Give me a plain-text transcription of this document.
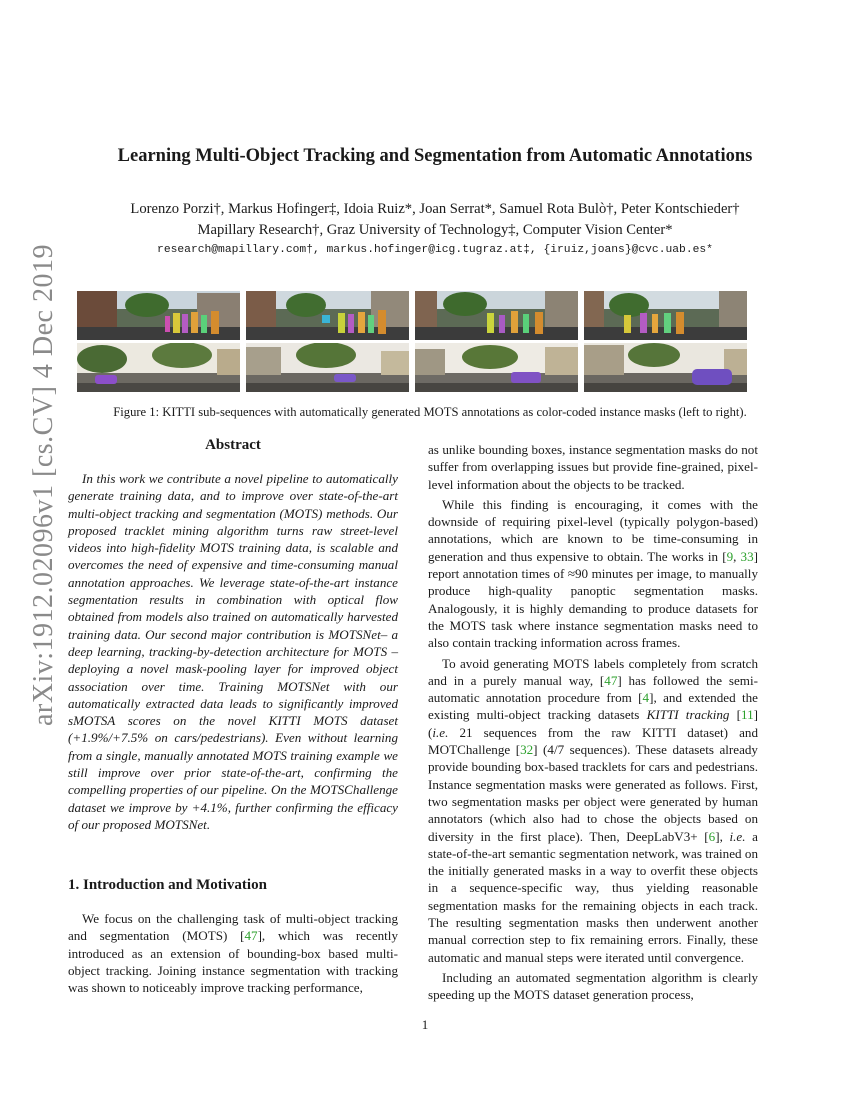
arXiv:1912.02096v1 [cs.CV] 4 Dec 2019
Learning Multi-Object Tracking and Segmentation from Automatic Annotations
Lorenzo Porzi†, Markus Hofinger‡, Idoia Ruiz*, Joan Serrat*, Samuel Rota Bulò†, Peter Kontschieder†
Mapillary Research†, Graz University of Technology‡, Computer Vision Center*
research@mapillary.com†, markus.hofinger@icg.tugraz.at‡, {iruiz,joans}@cvc.uab.es*
Figure 1: KITTI sub-sequences with automatically generated MOTS annotations as color-coded instance masks (left to right).
Abstract

In this work we contribute a novel pipeline to automatically generate training data, and to improve over state-of-the-art multi-object tracking and segmentation (MOTS) methods. Our proposed tracklet mining algorithm turns raw street-level videos into high-fidelity MOTS training data, is scalable and overcomes the need of expensive and time-consuming manual annotation approaches. We leverage state-of-the-art instance segmentation results in combination with optical flow obtained from models also trained on automatically harvested training data. Our second major contribution is MOTSNet– a deep learning, tracking-by-detection architecture for MOTS – deploying a novel mask-pooling layer for improved object association over time. Training MOTSNet with our automatically extracted data leads to significantly improved sMOTSA scores on the novel KITTI MOTS dataset (+1.9%/+7.5% on cars/pedestrians). Even without learning from a single, manually annotated MOTS training example we still improve over prior state-of-the-art, confirming the compelling properties of our pipeline. On the MOTSChallenge dataset we improve by +4.1%, further confirming the efficacy of our proposed MOTSNet.

1. Introduction and Motivation

We focus on the challenging task of multi-object tracking and segmentation (MOTS) [47], which was recently introduced as an extension of bounding-box based multi-object tracking. Joining instance segmentation with tracking was shown to noticeably improve tracking performance,

as unlike bounding boxes, instance segmentation masks do not suffer from overlapping issues but provide fine-grained, pixel-level information about the objects to be tracked.

While this finding is encouraging, it comes with the downside of requiring pixel-level (typically polygon-based) annotations, which are known to be time-consuming in generation and thus expensive to obtain. The works in [9, 33] report annotation times of ≈90 minutes per image, to manually produce high-quality panoptic segmentation masks. Analogously, it is highly demanding to produce datasets for the MOTS task where instance segmentation masks need to also contain tracking information across frames.

To avoid generating MOTS labels completely from scratch and in a purely manual way, [47] has followed the semi-automatic annotation procedure from [4], and extended the existing multi-object tracking datasets KITTI tracking [11] (i.e. 21 sequences from the raw KITTI dataset) and MOTChallenge [32] (4/7 sequences). These datasets already provide bounding box-based tracklets for cars and pedestrians. Instance segmentation masks were generated as follows. First, two segmentation masks per object were generated by human annotators (which also had to chose the objects based on diversity in the first place). Then, DeepLabV3+ [6], i.e. a state-of-the-art semantic segmentation network, was trained on the initially generated masks in a way to overfit these objects in a sequence-specific way, thus yielding reasonable segmentation masks for the remaining objects in each track. The resulting segmentation masks then underwent another manual correction step to fix remaining errors. Finally, these automatic and manual steps were iterated until convergence.

Including an automated segmentation algorithm is clearly speeding up the MOTS dataset generation process,

1
